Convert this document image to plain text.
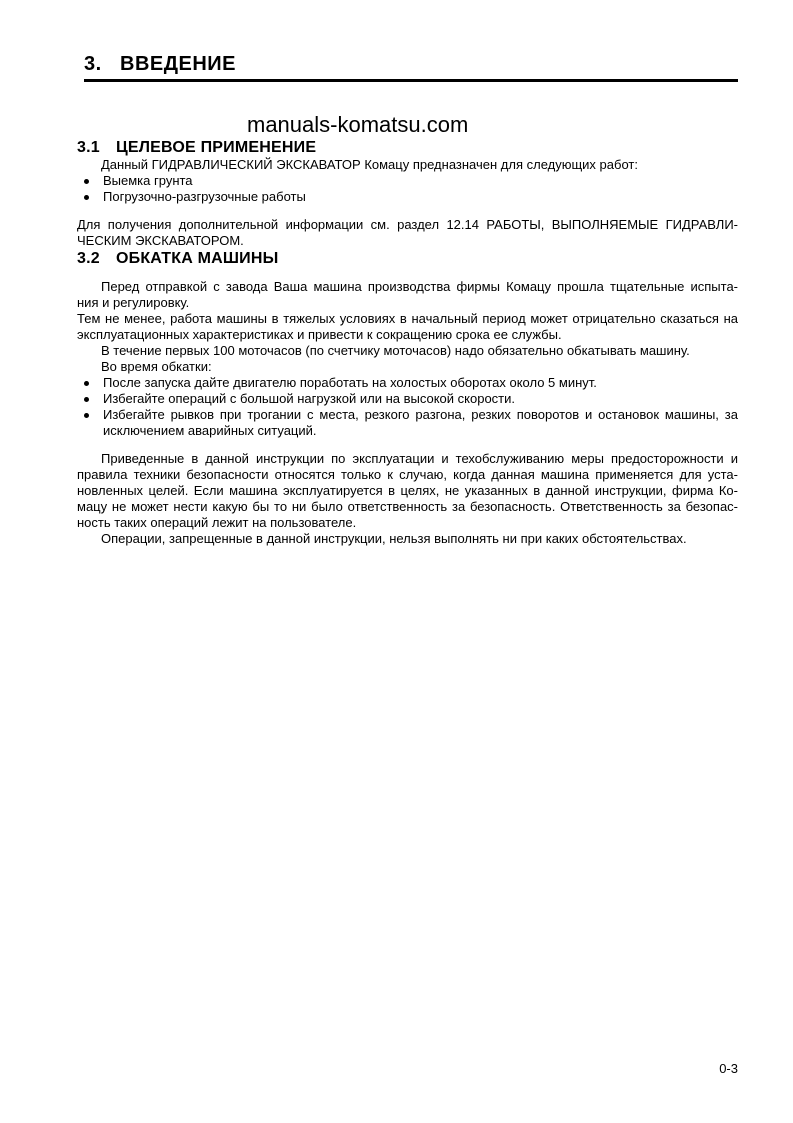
3. ВВЕДЕНИЕ
manuals-komatsu.com
3.1 ЦЕЛЕВОЕ ПРИМЕНЕНИЕ

Данный ГИДРАВЛИЧЕСКИЙ ЭКСКАВАТОР Комацу предназначен для следующих работ:

Выемка грунта
Погрузочно-разгрузочные работы
Для получения дополнительной информации см. раздел 12.14 РАБОТЫ, ВЫПОЛНЯЕМЫЕ ГИДРАВЛИ-
ЧЕСКИМ ЭКСКАВАТОРОМ.
3.2 ОБКАТКА МАШИНЫ
Перед отправкой с завода Ваша машина производства фирмы Комацу прошла тщательные испыта-
ния и регулировку.
Тем не менее, работа машины в тяжелых условиях в начальный период может отрицательно сказаться на
эксплуатационных характеристиках и привести к сокращению срока ее службы.

В течение первых 100 моточасов (по счетчику моточасов) надо обязательно обкатывать машину.

Во время обкатки:

После запуска дайте двигателю поработать на холостых оборотах около 5 минут.
Избегайте операций с большой нагрузкой или на высокой скорости.
Избегайте рывков при трогании с места, резкого разгона, резких поворотов и остановок машины, за
исключением аварийных ситуаций.
Приведенные в данной инструкции по эксплуатации и техобслуживанию меры предосторожности и
правила техники безопасности относятся только к случаю, когда данная машина применяется для уста-
новленных целей. Если машина эксплуатируется в целях, не указанных в данной инструкции, фирма Ко-
мацу не может нести какую бы то ни было ответственность за безопасность. Ответственность за безопас-
ность таких операций лежит на пользователе.

Операции, запрещенные в данной инструкции, нельзя выполнять ни при каких обстоятельствах.

0-3
